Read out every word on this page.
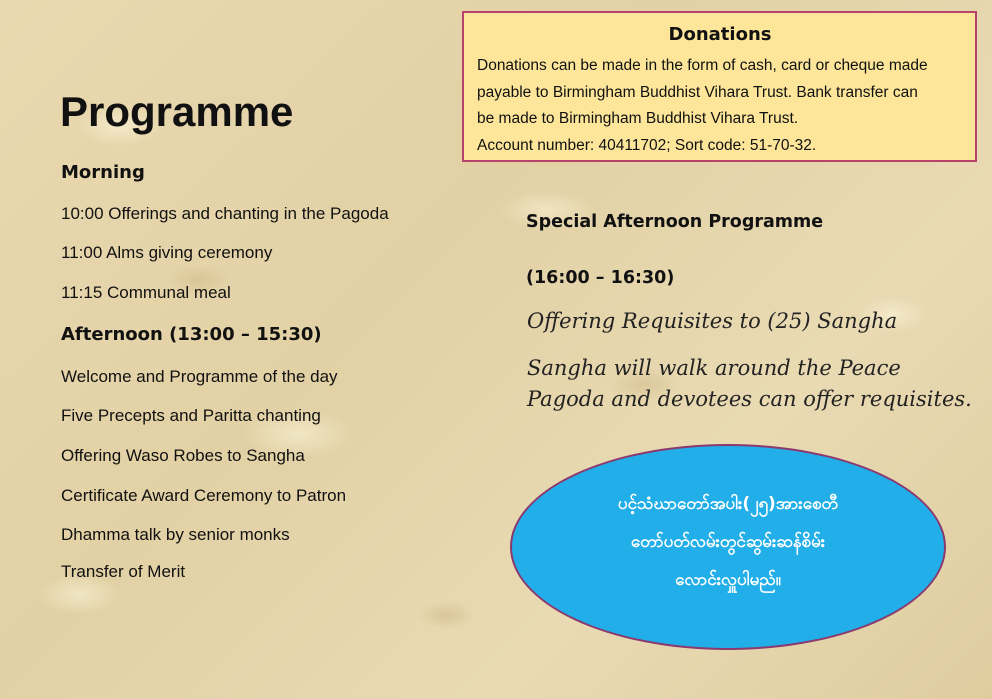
Donations

Donations can be made in the form of cash, card or cheque made

payable to Birmingham Buddhist Vihara Trust. Bank transfer can

be made to Birmingham Buddhist Vihara Trust.

Account number: 40411702; Sort code: 51-70-32.

Programme
Morning

10:00 Offerings and chanting in the Pagoda

11:00 Alms giving ceremony

11:15 Communal meal

Afternoon (13:00 – 15:30)

Welcome and Programme of the day

Five Precepts and Paritta chanting

Offering Waso Robes to Sangha

Certificate Award Ceremony to Patron

Dhamma talk by senior monks

Transfer of Merit

Special Afternoon Programme
(16:00 – 16:30)

Offering Requisites to (25) Sangha

Sangha will walk around the Peace

Pagoda and devotees can offer requisites.

ပင့်သံဃာတော်အပါး(၂၅)အားစေတီ
တော်ပတ်လမ်းတွင်ဆွမ်းဆန်စိမ်း
လောင်းလှူပါမည်။
